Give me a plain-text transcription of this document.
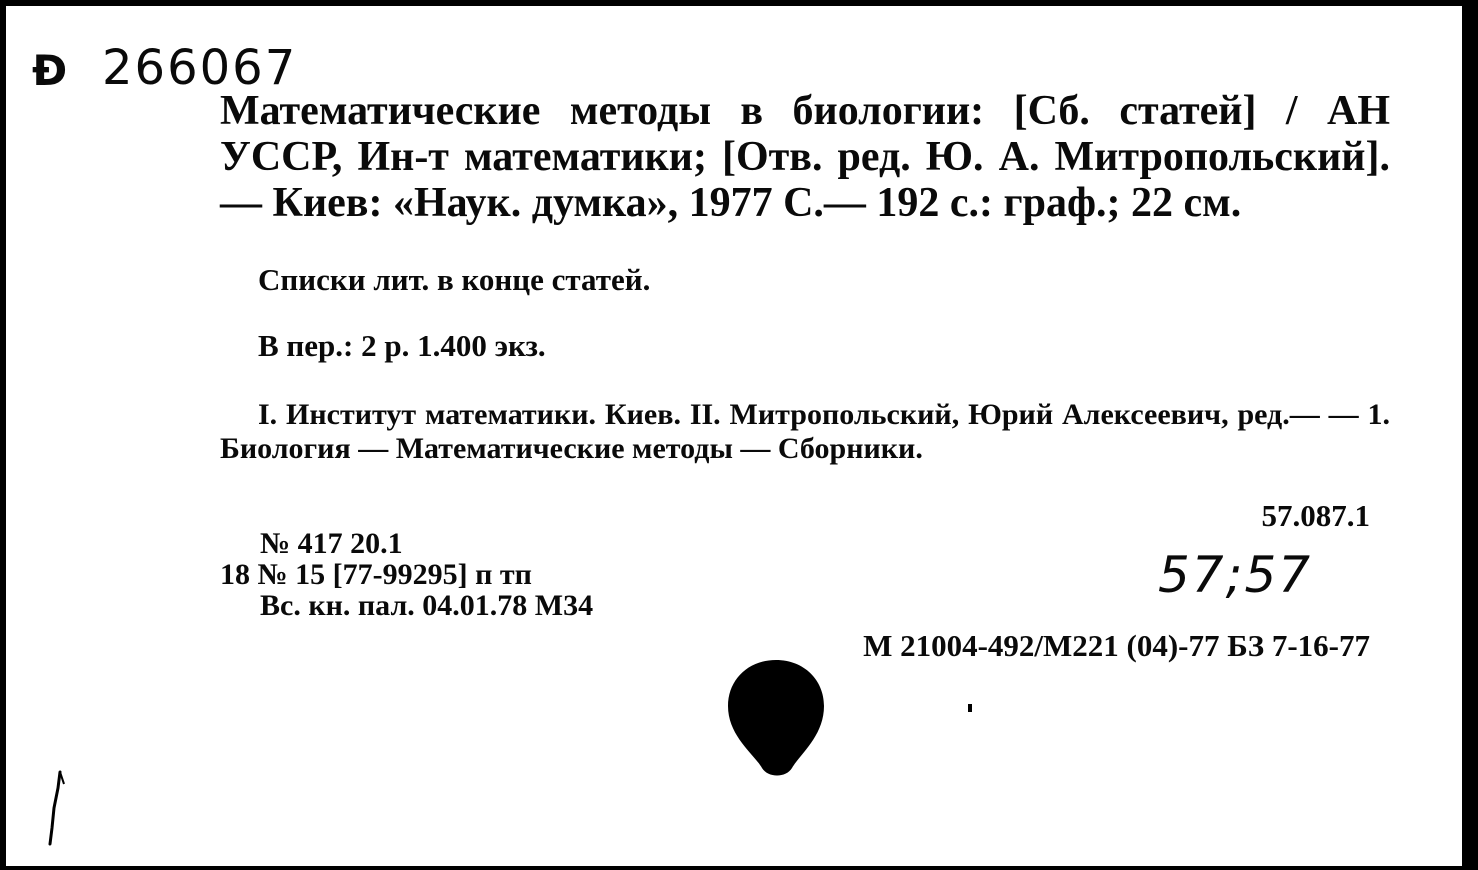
Ð 266067
Математические методы в биологии: [Сб. статей] / АН УССР, Ин-т математики; [Отв. ред. Ю. А. Митропольский].— Киев: «Наук. думка», 1977 С.— 192 с.: граф.; 22 см.
Списки лит. в конце статей.
В пер.: 2 р. 1.400 экз.
I. Институт математики. Киев. II. Митропольский, Юрий Алексеевич, ред.— — 1. Биология — Математические методы — Сборники.
57.087.1
№ 417 20.1
18 № 15 [77-99295] п тп
Вс. кн. пал. 04.01.78 М34
57;57
М 21004-492/М221 (04)-77 БЗ 7-16-77
